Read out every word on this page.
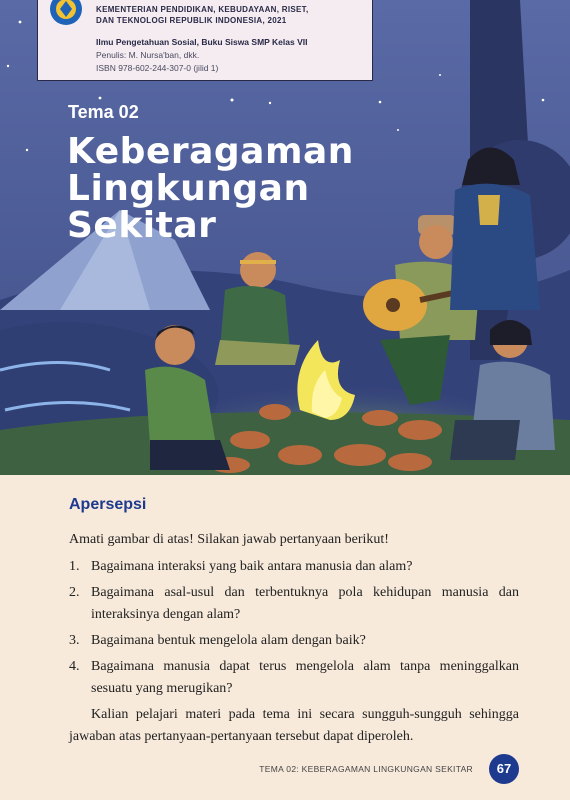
KEMENTERIAN PENDIDIKAN, KEBUDAYAAN, RISET,
DAN TEKNOLOGI REPUBLIK INDONESIA, 2021
Ilmu Pengetahuan Sosial, Buku Siswa SMP Kelas VII
Penulis: M. Nursa'ban, dkk.
ISBN 978-602-244-307-0 (jilid 1)
Tema 02
Keberagaman
Lingkungan
Sekitar
Apersepsi
Amati gambar di atas! Silakan jawab pertanyaan berikut!
1. Bagaimana interaksi yang baik antara manusia dan alam?
2. Bagaimana asal-usul dan terbentuknya pola kehidupan manusia dan interaksinya dengan alam?
3. Bagaimana bentuk mengelola alam dengan baik?
4. Bagaimana manusia dapat terus mengelola alam tanpa meninggalkan sesuatu yang merugikan?

Kalian pelajari materi pada tema ini secara sungguh-sungguh sehingga jawaban atas pertanyaan-pertanyaan tersebut dapat diperoleh.

TEMA 02: KEBERAGAMAN LINGKUNGAN SEKITAR	67
